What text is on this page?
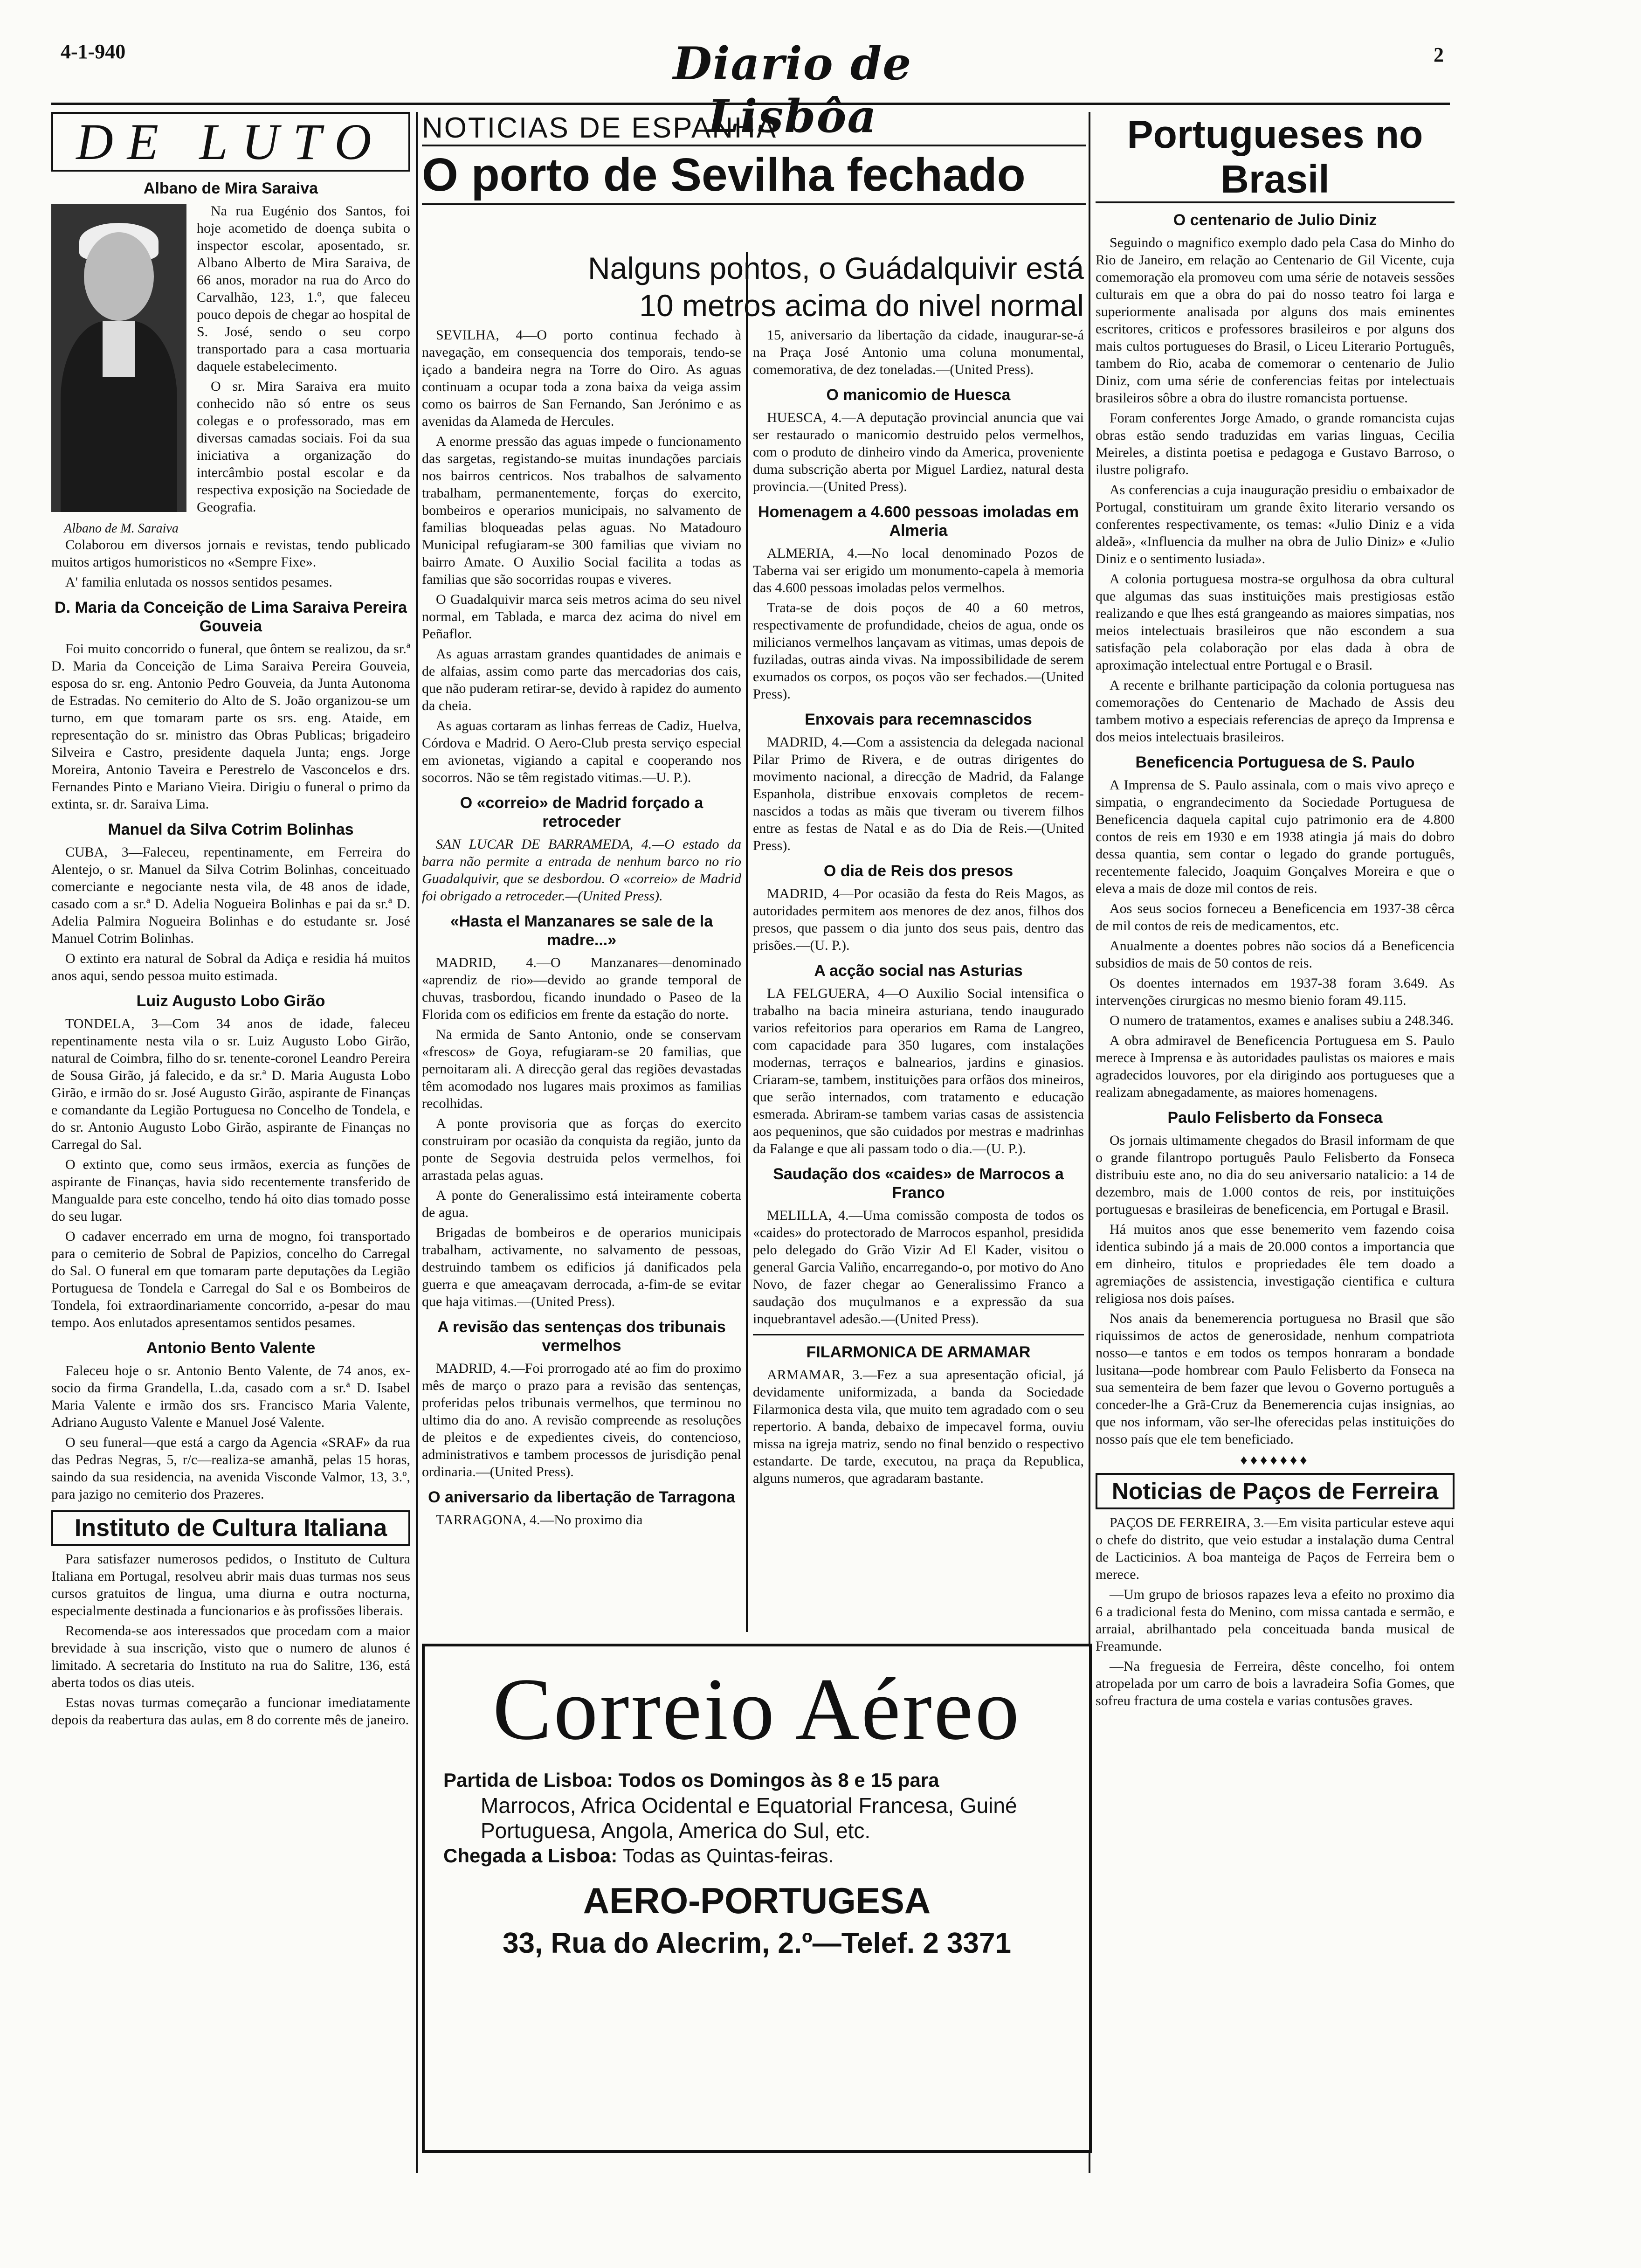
4-1-940	Diario de Lisbôa
2
DE LUTO
Albano de Mira Saraiva

Na rua Eugénio dos Santos, foi hoje acometido de doença subita o inspector escolar, aposentado, sr. Albano Alberto de Mira Saraiva, de 66 anos, morador na rua do Arco do Carvalhão, 123, 1.º, que faleceu pouco depois de chegar ao hospital de S. José, sendo o seu corpo transportado para a casa mortuaria daquele estabelecimento.

O sr. Mira Saraiva era muito conhecido não só entre os seus colegas e o professorado, mas em diversas camadas sociais. Foi da sua iniciativa a organização do intercâmbio postal escolar e da respectiva exposição na Sociedade de Geografia.

Albano de M. Saraiva

Colaborou em diversos jornais e revistas, tendo publicado muitos artigos humoristicos no «Sempre Fixe».

A' familia enlutada os nossos sentidos pesames.

D. Maria da Conceição de Lima Saraiva Pereira Gouveia

Foi muito concorrido o funeral, que ôntem se realizou, da sr.ª D. Maria da Conceição de Lima Saraiva Pereira Gouveia, esposa do sr. eng. Antonio Pedro Gouveia, da Junta Autonoma de Estradas. No cemiterio do Alto de S. João organizou-se um turno, em que tomaram parte os srs. eng. Ataide, em representação do sr. ministro das Obras Publicas; brigadeiro Silveira e Castro, presidente daquela Junta; engs. Jorge Moreira, Antonio Taveira e Perestrelo de Vasconcelos e drs. Fernandes Pinto e Mariano Vieira. Dirigiu o funeral o primo da extinta, sr. dr. Saraiva Lima.

Manuel da Silva Cotrim Bolinhas

CUBA, 3—Faleceu, repentinamente, em Ferreira do Alentejo, o sr. Manuel da Silva Cotrim Bolinhas, conceituado comerciante e negociante nesta vila, de 48 anos de idade, casado com a sr.ª D. Adelia Nogueira Bolinhas e pai da sr.ª D. Adelia Palmira Nogueira Bolinhas e do estudante sr. José Manuel Cotrim Bolinhas.

O extinto era natural de Sobral da Adiça e residia há muitos anos aqui, sendo pessoa muito estimada.

Luiz Augusto Lobo Girão

TONDELA, 3—Com 34 anos de idade, faleceu repentinamente nesta vila o sr. Luiz Augusto Lobo Girão, natural de Coimbra, filho do sr. tenente-coronel Leandro Pereira de Sousa Girão, já falecido, e da sr.ª D. Maria Augusta Lobo Girão, e irmão do sr. José Augusto Girão, aspirante de Finanças e comandante da Legião Portuguesa no Concelho de Tondela, e do sr. Antonio Augusto Lobo Girão, aspirante de Finanças no Carregal do Sal.

O extinto que, como seus irmãos, exercia as funções de aspirante de Finanças, havia sido recentemente transferido de Mangualde para este concelho, tendo há oito dias tomado posse do seu lugar.

O cadaver encerrado em urna de mogno, foi transportado para o cemiterio de Sobral de Papizios, concelho do Carregal do Sal. O funeral em que tomaram parte deputações da Legião Portuguesa de Tondela e Carregal do Sal e os Bombeiros de Tondela, foi extraordinariamente concorrido, a-pesar do mau tempo. Aos enlutados apresentamos sentidos pesames.

Antonio Bento Valente

Faleceu hoje o sr. Antonio Bento Valente, de 74 anos, ex-socio da firma Grandella, L.da, casado com a sr.ª D. Isabel Maria Valente e irmão dos srs. Francisco Maria Valente, Adriano Augusto Valente e Manuel José Valente.

O seu funeral—que está a cargo da Agencia «SRAF» da rua das Pedras Negras, 5, r/c—realiza-se amanhã, pelas 15 horas, saindo da sua residencia, na avenida Visconde Valmor, 13, 3.º, para jazigo no cemiterio dos Prazeres.

Instituto de Cultura Italiana

Para satisfazer numerosos pedidos, o Instituto de Cultura Italiana em Portugal, resolveu abrir mais duas turmas nos seus cursos gratuitos de lingua, uma diurna e outra nocturna, especialmente destinada a funcionarios e às profissões liberais.

Recomenda-se aos interessados que procedam com a maior brevidade à sua inscrição, visto que o numero de alunos é limitado. A secretaria do Instituto na rua do Salitre, 136, está aberta todos os dias uteis.

Estas novas turmas começarão a funcionar imediatamente depois da reabertura das aulas, em 8 do corrente mês de janeiro.

NOTICIAS DE ESPANHA
O porto de Sevilha fechado
Nalguns pontos, o Guádalquivir está 10 metros acima do nivel normal

SEVILHA, 4—O porto continua fechado à navegação, em consequencia dos temporais, tendo-se içado a bandeira negra na Torre do Oiro. As aguas continuam a ocupar toda a zona baixa da veiga assim como os bairros de San Fernando, San Jerónimo e as avenidas da Alameda de Hercules.

A enorme pressão das aguas impede o funcionamento das sargetas, registando-se muitas inundações parciais nos bairros centricos. Nos trabalhos de salvamento trabalham, permanentemente, forças do exercito, bombeiros e operarios municipais, no salvamento de familias bloqueadas pelas aguas. No Matadouro Municipal refugiaram-se 300 familias que viviam no bairro Amate. O Auxilio Social facilita a todas as familias que são socorridas roupas e viveres.

O Guadalquivir marca seis metros acima do seu nivel normal, em Tablada, e marca dez acima do nivel em Peñaflor.

As aguas arrastam grandes quantidades de animais e de alfaias, assim como parte das mercadorias dos cais, que não puderam retirar-se, devido à rapidez do aumento da cheia.

As aguas cortaram as linhas ferreas de Cadiz, Huelva, Córdova e Madrid. O Aero-Club presta serviço especial em avionetas, vigiando a capital e cooperando nos socorros. Não se têm registado vitimas.—U. P.).

O «correio» de Madrid forçado a retroceder

SAN LUCAR DE BARRAMEDA, 4.—O estado da barra não permite a entrada de nenhum barco no rio Guadalquivir, que se desbordou. O «correio» de Madrid foi obrigado a retroceder.—(United Press).

«Hasta el Manzanares se sale de la madre...»

MADRID, 4.—O Manzanares—denominado «aprendiz de rio»—devido ao grande temporal de chuvas, trasbordou, ficando inundado o Paseo de la Florida com os edificios em frente da estação do norte.

Na ermida de Santo Antonio, onde se conservam «frescos» de Goya, refugiaram-se 20 familias, que pernoitaram ali. A direcção geral das regiões devastadas têm acomodado nos lugares mais proximos as familias recolhidas.

A ponte provisoria que as forças do exercito construiram por ocasião da conquista da região, junto da ponte de Segovia destruida pelos vermelhos, foi arrastada pelas aguas.

A ponte do Generalissimo está inteiramente coberta de agua.

Brigadas de bombeiros e de operarios municipais trabalham, activamente, no salvamento de pessoas, destruindo tambem os edificios já danificados pela guerra e que ameaçavam derrocada, a-fim-de se evitar que haja vitimas.—(United Press).

A revisão das sentenças dos tribunais vermelhos

MADRID, 4.—Foi prorrogado até ao fim do proximo mês de março o prazo para a revisão das sentenças, proferidas pelos tribunais vermelhos, que terminou no ultimo dia do ano. A revisão compreende as resoluções de pleitos e de expedientes civeis, do contencioso, administrativos e tambem processos de jurisdição penal ordinaria.—(United Press).

O aniversario da libertação de Tarragona

TARRAGONA, 4.—No proximo dia

15, aniversario da libertação da cidade, inaugurar-se-á na Praça José Antonio uma coluna monumental, comemorativa, de dez toneladas.—(United Press).

O manicomio de Huesca

HUESCA, 4.—A deputação provincial anuncia que vai ser restaurado o manicomio destruido pelos vermelhos, com o produto de dinheiro vindo da America, proveniente duma subscrição aberta por Miguel Lardiez, natural desta provincia.—(United Press).

Homenagem a 4.600 pessoas imoladas em Almeria

ALMERIA, 4.—No local denominado Pozos de Taberna vai ser erigido um monumento-capela à memoria das 4.600 pessoas imoladas pelos vermelhos.

Trata-se de dois poços de 40 a 60 metros, respectivamente de profundidade, cheios de agua, onde os milicianos vermelhos lançavam as vitimas, umas depois de fuziladas, outras ainda vivas. Na impossibilidade de serem exumados os corpos, os poços vão ser fechados.—(United Press).

Enxovais para recemnascidos

MADRID, 4.—Com a assistencia da delegada nacional Pilar Primo de Rivera, e de outras dirigentes do movimento nacional, a direcção de Madrid, da Falange Espanhola, distribue enxovais completos de recem-nascidos a todas as mãis que tiveram ou tiverem filhos entre as festas de Natal e as do Dia de Reis.—(United Press).

O dia de Reis dos presos

MADRID, 4—Por ocasião da festa do Reis Magos, as autoridades permitem aos menores de dez anos, filhos dos presos, que passem o dia junto dos seus pais, dentro das prisões.—(U. P.).

A acção social nas Asturias

LA FELGUERA, 4—O Auxilio Social intensifica o trabalho na bacia mineira asturiana, tendo inaugurado varios refeitorios para operarios em Rama de Langreo, com capacidade para 350 lugares, com instalações modernas, terraços e balnearios, jardins e ginasios. Criaram-se, tambem, instituições para orfãos dos mineiros, que serão internados, com tratamento e educação esmerada. Abriram-se tambem varias casas de assistencia aos pequeninos, que são cuidados por mestras e madrinhas da Falange e que ali passam todo o dia.—(U. P.).

Saudação dos «caides» de Marrocos a Franco

MELILLA, 4.—Uma comissão composta de todos os «caides» do protectorado de Marrocos espanhol, presidida pelo delegado do Grão Vizir Ad El Kader, visitou o general Garcia Valiño, encarregando-o, por motivo do Ano Novo, de fazer chegar ao Generalissimo Franco a saudação dos muçulmanos e a expressão da sua inquebrantavel adesão.—(United Press).

FILARMONICA DE ARMAMAR

ARMAMAR, 3.—Fez a sua apresentação oficial, já devidamente uniformizada, a banda da Sociedade Filarmonica desta vila, que muito tem agradado com o seu repertorio. A banda, debaixo de impecavel forma, ouviu missa na igreja matriz, sendo no final benzido o respectivo estandarte. De tarde, executou, na praça da Republica, alguns numeros, que agradaram bastante.

Portugueses no Brasil
O centenario de Julio Diniz

Seguindo o magnifico exemplo dado pela Casa do Minho do Rio de Janeiro, em relação ao Centenario de Gil Vicente, cuja comemoração ela promoveu com uma série de notaveis sessões culturais em que a obra do pai do nosso teatro foi larga e superiormente analisada por alguns dos mais eminentes escritores, criticos e professores brasileiros e por alguns dos mais cultos portugueses do Brasil, o Liceu Literario Português, tambem do Rio, acaba de comemorar o centenario de Julio Diniz, com uma série de conferencias feitas por intelectuais brasileiros sôbre a obra do ilustre romancista portuense.

Foram conferentes Jorge Amado, o grande romancista cujas obras estão sendo traduzidas em varias linguas, Cecilia Meireles, a distinta poetisa e pedagoga e Gustavo Barroso, o ilustre poligrafo.

As conferencias a cuja inauguração presidiu o embaixador de Portugal, constituiram um grande êxito literario versando os conferentes respectivamente, os temas: «Julio Diniz e a vida aldeã», «Influencia da mulher na obra de Julio Diniz» e «Julio Diniz e o sentimento lusiada».

A colonia portuguesa mostra-se orgulhosa da obra cultural que algumas das suas instituições mais prestigiosas estão realizando e que lhes está grangeando as maiores simpatias, nos meios intelectuais brasileiros que não escondem a sua satisfação pela colaboração por elas dada à obra de aproximação intelectual entre Portugal e o Brasil.

A recente e brilhante participação da colonia portuguesa nas comemorações do Centenario de Machado de Assis deu tambem motivo a especiais referencias de apreço da Imprensa e dos meios intelectuais brasileiros.

Beneficencia Portuguesa de S. Paulo

A Imprensa de S. Paulo assinala, com o mais vivo apreço e simpatia, o engrandecimento da Sociedade Portuguesa de Beneficencia daquela capital cujo patrimonio era de 4.800 contos de reis em 1930 e em 1938 atingia já mais do dobro dessa quantia, sem contar o legado do grande português, recentemente falecido, Joaquim Gonçalves Moreira e que o eleva a mais de doze mil contos de reis.

Aos seus socios forneceu a Beneficencia em 1937-38 cêrca de mil contos de reis de medicamentos, etc.

Anualmente a doentes pobres não socios dá a Beneficencia subsidios de mais de 50 contos de reis.

Os doentes internados em 1937-38 foram 3.649. As intervenções cirurgicas no mesmo bienio foram 49.115.

O numero de tratamentos, exames e analises subiu a 248.346.

A obra admiravel de Beneficencia Portuguesa em S. Paulo merece à Imprensa e às autoridades paulistas os maiores e mais agradecidos louvores, por ela dirigindo aos portugueses que a realizam abnegadamente, as maiores homenagens.

Paulo Felisberto da Fonseca

Os jornais ultimamente chegados do Brasil informam de que o grande filantropo português Paulo Felisberto da Fonseca distribuiu este ano, no dia do seu aniversario natalicio: a 14 de dezembro, mais de 1.000 contos de reis, por instituições portuguesas e brasileiras de beneficencia, em Portugal e Brasil.

Há muitos anos que esse benemerito vem fazendo coisa identica subindo já a mais de 20.000 contos a importancia que em dinheiro, titulos e propriedades êle tem doado a agremiações de assistencia, investigação cientifica e cultura religiosa nos dois países.

Nos anais da benemerencia portuguesa no Brasil que são riquissimos de actos de generosidade, nenhum compatriota nosso—e tantos e em todos os tempos honraram a bondade lusitana—pode hombrear com Paulo Felisberto da Fonseca na sua sementeira de bem fazer que levou o Governo português a conceder-lhe a Grã-Cruz da Benemerencia cujas insignias, ao que nos informam, vão ser-lhe oferecidas pelas instituições do nosso país que ele tem beneficiado.

♦♦♦♦♦♦♦
Noticias de Paços de Ferreira

PAÇOS DE FERREIRA, 3.—Em visita particular esteve aqui o chefe do distrito, que veio estudar a instalação duma Central de Lacticinios. A boa manteiga de Paços de Ferreira bem o merece.

—Um grupo de briosos rapazes leva a efeito no proximo dia 6 a tradicional festa do Menino, com missa cantada e sermão, e arraial, abrilhantado pela conceituada banda musical de Freamunde.

—Na freguesia de Ferreira, dêste concelho, foi ontem atropelada por um carro de bois a lavradeira Sofia Gomes, que sofreu fractura de uma costela e varias contusões graves.

Correio Aéreo
Partida de Lisboa: Todos os Domingos às 8 e 15 para
Marrocos, Africa Ocidental e Equatorial Francesa, Guiné Portuguesa, Angola, America do Sul, etc.
Chegada a Lisboa: Todas as Quintas-feiras.
AERO-PORTUGESA
33, Rua do Alecrim, 2.º—Telef. 2 3371
